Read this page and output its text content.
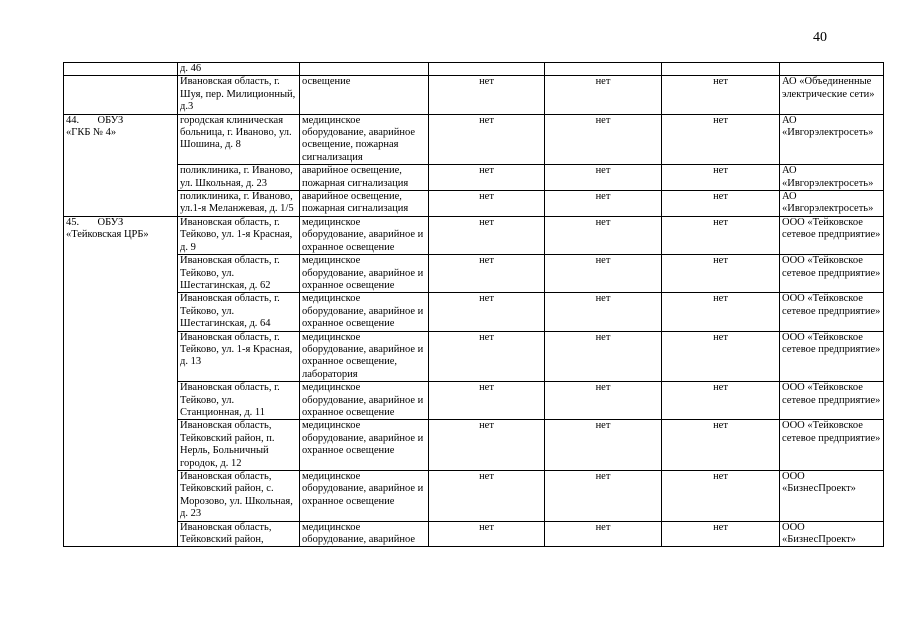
40
	д. 46					
	Ивановская область, г. Шуя, пер. Милиционный, д.3	освещение	нет	нет	нет	АО «Объединенные электрические сети»

44. ОБУЗ
«ГКБ № 4»	городская клиническая больница, г. Иваново, ул. Шошина, д. 8	медицинское оборудование, аварийное освещение, пожарная сигнализация	нет	нет	нет	АО «Ивгорэлектросеть»
	поликлиника, г. Иваново, ул. Школьная, д. 23	аварийное освещение, пожарная сигнализация	нет	нет	нет	АО «Ивгорэлектросеть»
	поликлиника, г. Иваново, ул.1-я Меланжевая, д. 1/5	аварийное освещение, пожарная сигнализация	нет	нет	нет	АО «Ивгорэлектросеть»

45. ОБУЗ
«Тейковская ЦРБ»	Ивановская область, г. Тейково, ул. 1-я Красная, д. 9	медицинское оборудование, аварийное и охранное освещение	нет	нет	нет	ООО «Тейковское сетевое предприятие»
	Ивановская область, г. Тейково, ул. Шестагинская, д. 62	медицинское оборудование, аварийное и охранное освещение	нет	нет	нет	ООО «Тейковское сетевое предприятие»
	Ивановская область, г. Тейково, ул. Шестагинская, д. 64	медицинское оборудование, аварийное и охранное освещение	нет	нет	нет	ООО «Тейковское сетевое предприятие»
	Ивановская область, г. Тейково, ул. 1-я Красная, д. 13	медицинское оборудование, аварийное и охранное освещение, лаборатория	нет	нет	нет	ООО «Тейковское сетевое предприятие»
	Ивановская область, г. Тейково, ул. Станционная, д. 11	медицинское оборудование, аварийное и охранное освещение	нет	нет	нет	ООО «Тейковское сетевое предприятие»
	Ивановская область, Тейковский район, п. Нерль, Больничный городок, д. 12	медицинское оборудование, аварийное и охранное освещение	нет	нет	нет	ООО «Тейковское сетевое предприятие»
	Ивановская область, Тейковский район, с. Морозово, ул. Школьная, д. 23	медицинское оборудование, аварийное и охранное освещение	нет	нет	нет	ООО «БизнесПроект»
	Ивановская область, Тейковский район,	медицинское оборудование, аварийное	нет	нет	нет	ООО «БизнесПроект»
